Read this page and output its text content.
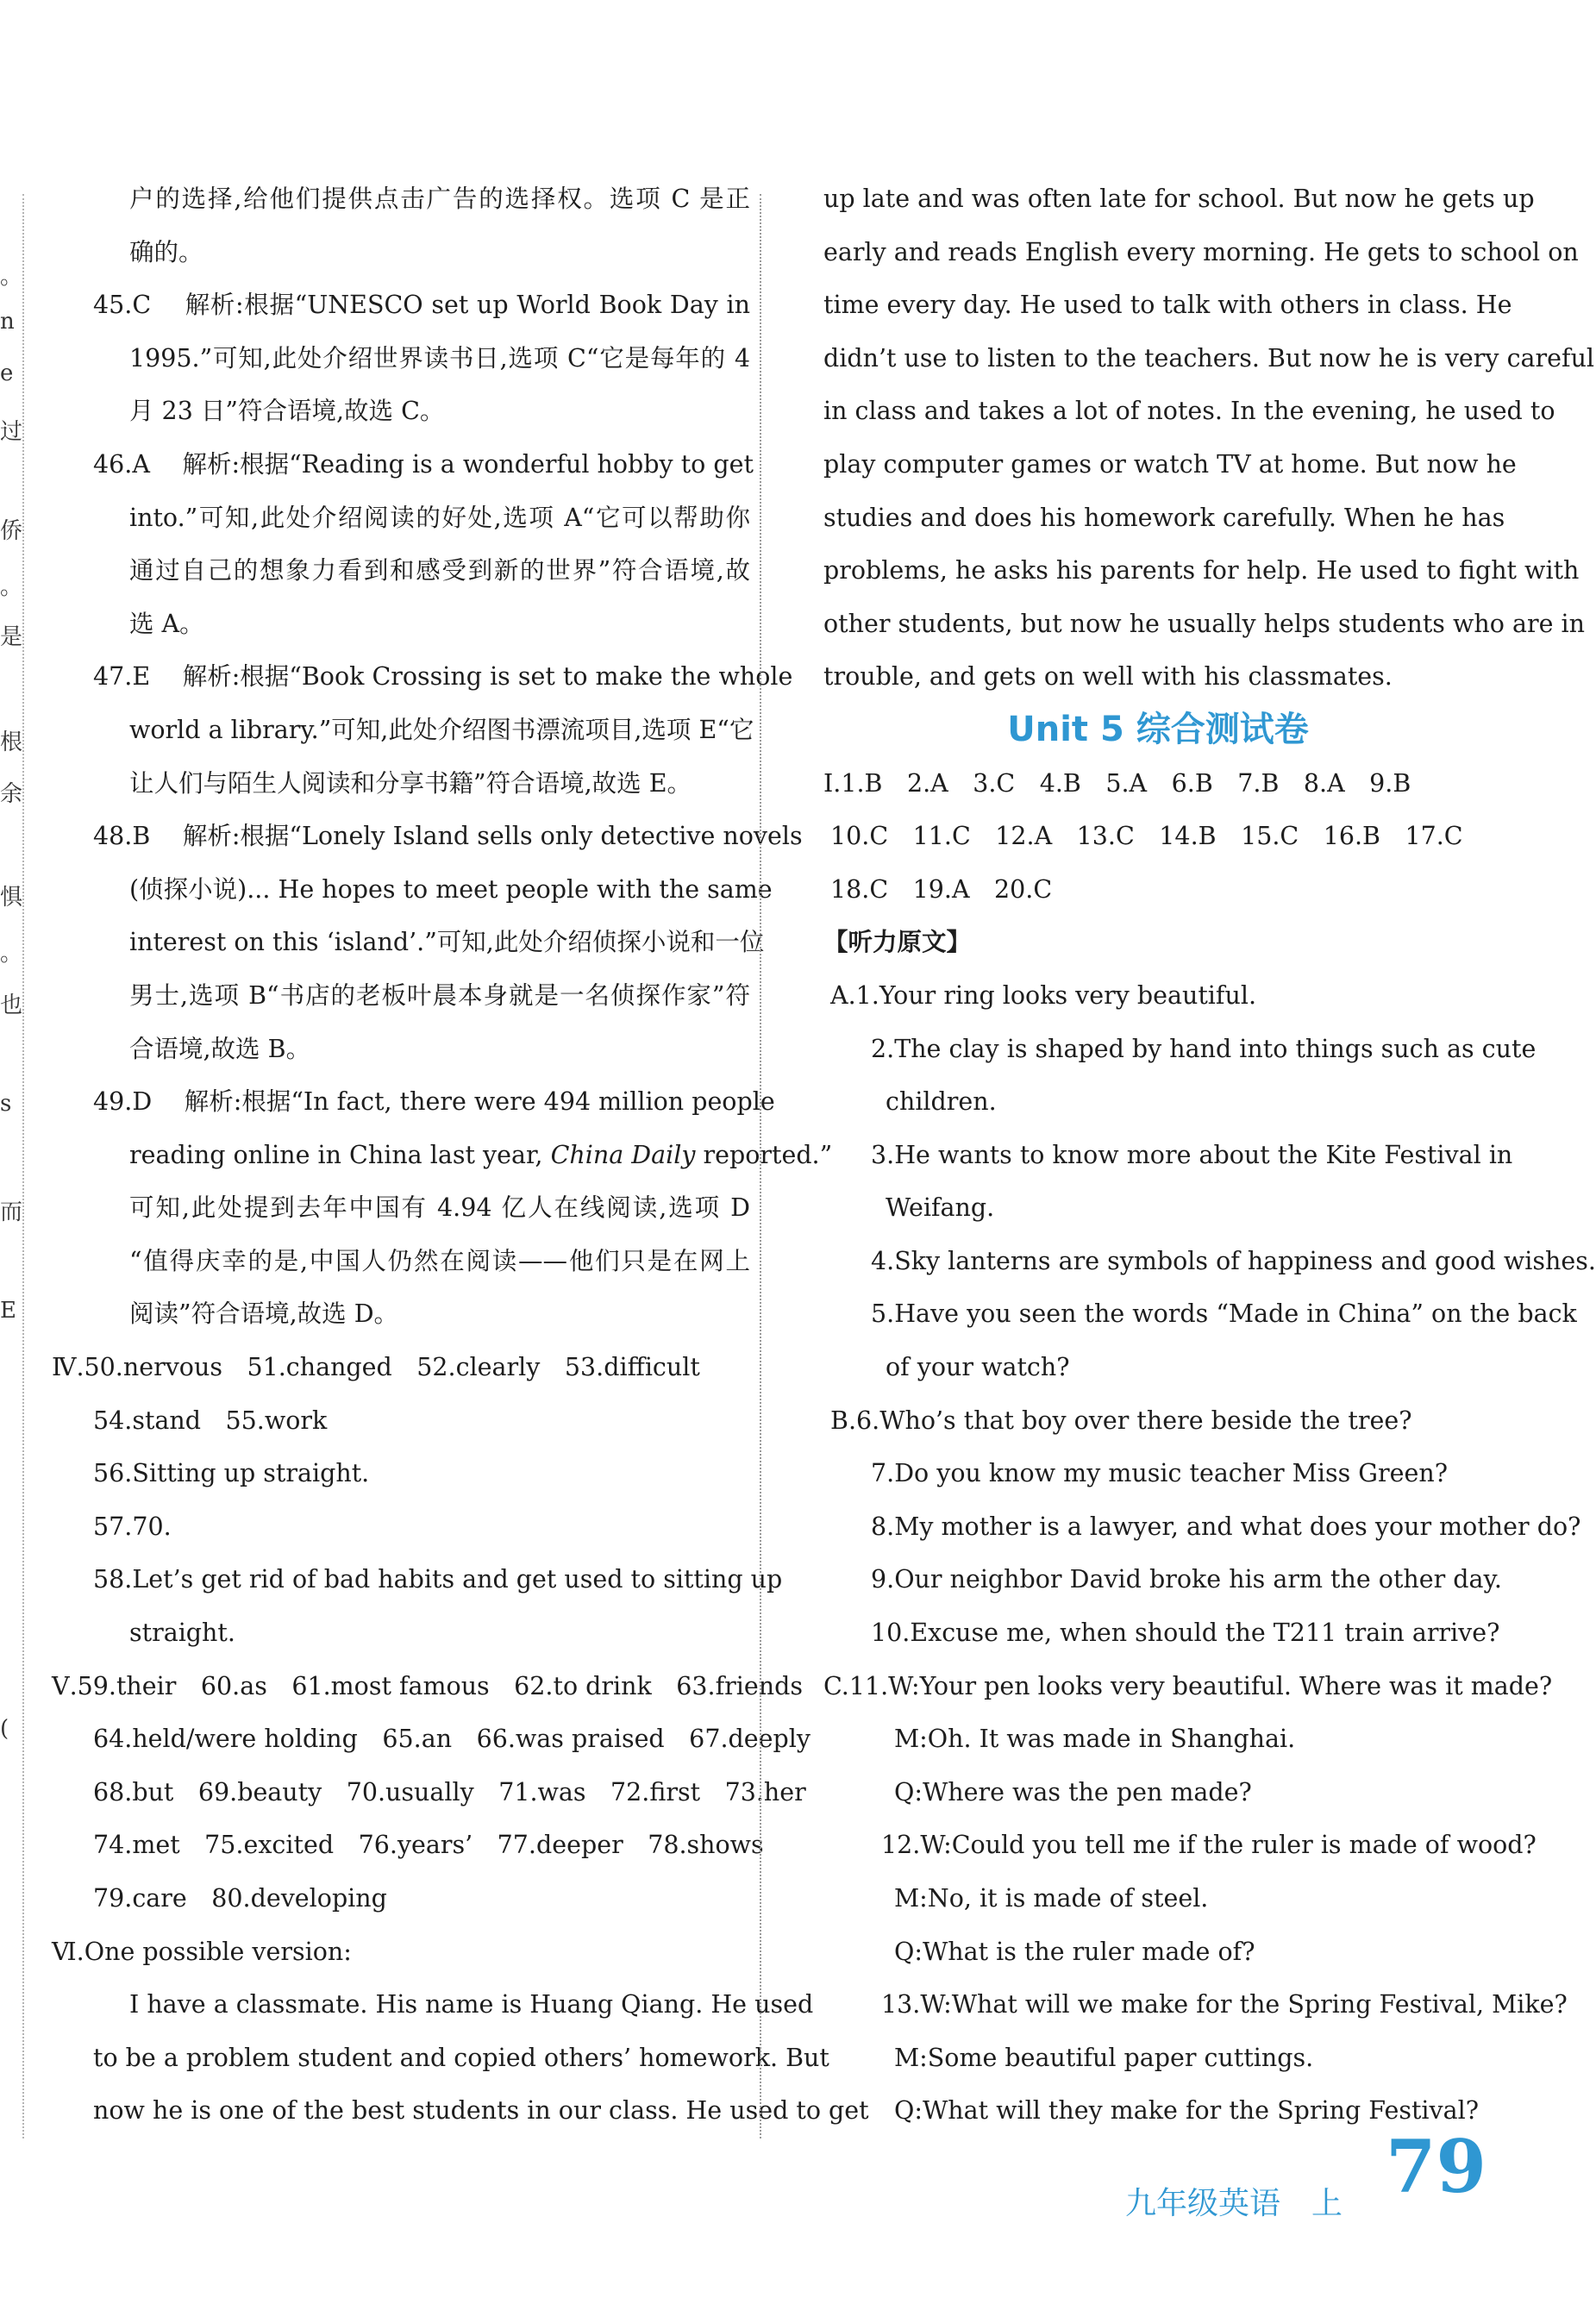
。
n
e
过
侨
。
是
根
余
惧
。
也
s
而
E
(
户的选择,给他们提供点击广告的选择权。选项 C 是正
确的。
45.C　 解析:根据“UNESCO set up World Book Day in
1995.”可知,此处介绍世界读书日,选项 C“它是每年的 4
月 23 日”符合语境,故选 C。
46.A　 解析:根据“Reading is a wonderful hobby to get
into.”可知,此处介绍阅读的好处,选项 A“它可以帮助你
通过自己的想象力看到和感受到新的世界”符合语境,故
选 A。
47.E　 解析:根据“Book Crossing is set to make the whole
world a library.”可知,此处介绍图书漂流项目,选项 E“它
让人们与陌生人阅读和分享书籍”符合语境,故选 E。
48.B　 解析:根据“Lonely Island sells only detective novels
(侦探小说)... He hopes to meet people with the same
interest on this ‘island’.”可知,此处介绍侦探小说和一位
男士,选项 B“书店的老板叶晨本身就是一名侦探作家”符
合语境,故选 B。
49.D　 解析:根据“In fact, there were 494 million people
reading online in China last year, China Daily reported.”
可知,此处提到去年中国有 4.94 亿人在线阅读,选项 D
“值得庆幸的是,中国人仍然在阅读——他们只是在网上
阅读”符合语境,故选 D。
Ⅳ.50.nervous　51.changed　52.clearly　53.difficult
54.stand　55.work
56.Sitting up straight.
57.70.
58.Let’s get rid of bad habits and get used to sitting up
straight.
Ⅴ.59.their　60.as　61.most famous　62.to drink　63.friends
64.held/were holding　65.an　66.was praised　67.deeply
68.but　69.beauty　70.usually　71.was　72.first　73.her
74.met　75.excited　76.years’　77.deeper　78.shows
79.care　80.developing
Ⅵ.One possible version:
I have a classmate. His name is Huang Qiang. He used
to be a problem student and copied others’ homework. But
now he is one of the best students in our class. He used to get
up late and was often late for school. But now he gets up
early and reads English every morning. He gets to school on
time every day. He used to talk with others in class. He
didn’t use to listen to the teachers. But now he is very careful
in class and takes a lot of notes. In the evening, he used to
play computer games or watch TV at home. But now he
studies and does his homework carefully. When he has
problems, he asks his parents for help. He used to fight with
other students, but now he usually helps students who are in
trouble, and gets on well with his classmates.
Unit 5 综合测试卷
Ⅰ.1.B　2.A　3.C　4.B　5.A　6.B　7.B　8.A　9.B
10.C　11.C　12.A　13.C　14.B　15.C　16.B　17.C
18.C　19.A　20.C
【听力原文】
A.1.Your ring looks very beautiful.
2.The clay is shaped by hand into things such as cute
children.
3.He wants to know more about the Kite Festival in
Weifang.
4.Sky lanterns are symbols of happiness and good wishes.
5.Have you seen the words “Made in China” on the back
of your watch?
B.6.Who’s that boy over there beside the tree?
7.Do you know my music teacher Miss Green?
8.My mother is a lawyer, and what does your mother do?
9.Our neighbor David broke his arm the other day.
10.Excuse me, when should the T211 train arrive?
C.11.W:Your pen looks very beautiful. Where was it made?
M:Oh. It was made in Shanghai.
Q:Where was the pen made?
12.W:Could you tell me if the ruler is made of wood?
M:No, it is made of steel.
Q:What is the ruler made of?
13.W:What will we make for the Spring Festival, Mike?
M:Some beautiful paper cuttings.
Q:What will they make for the Spring Festival?
九年级英语　上 79
